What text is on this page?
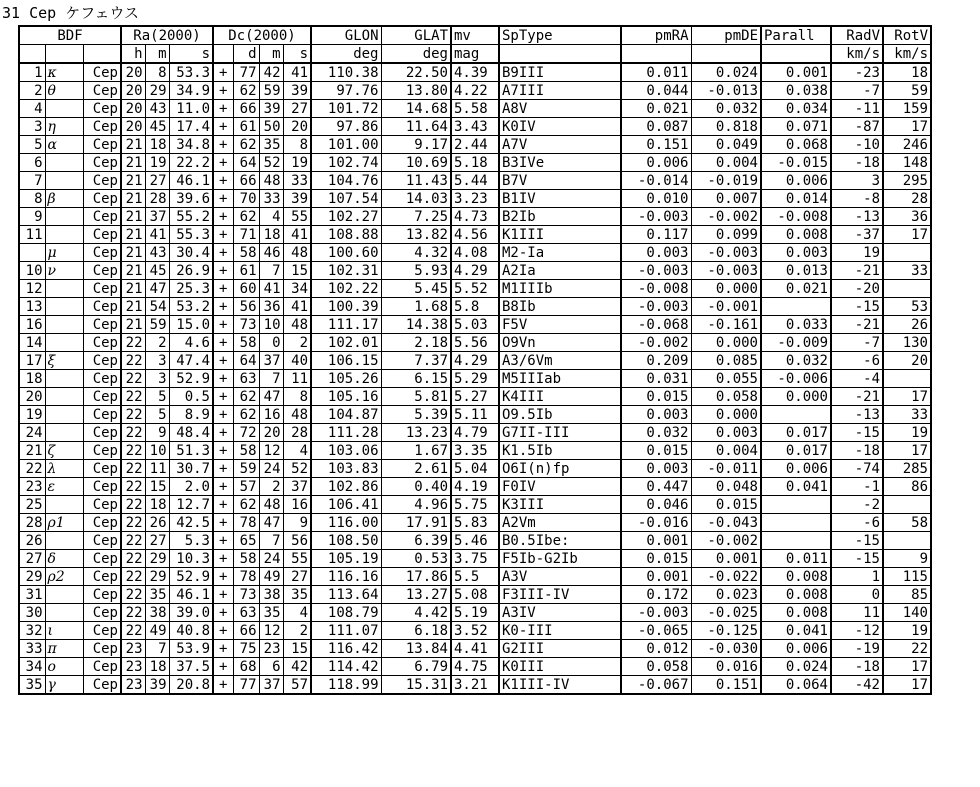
31 Cep ケフェウス
BDF			Ra(2000)			Dc(2000)				GLON	GLAT	mv	SpType	pmRA	pmDE	Parall	RadV	RotV
			h	m	s		d	m	s	deg	deg	mag					km/s	km/s
1	κ	Cep	20	8	53.3	+	77	42	41	110.38	22.50	4.39	B9III	0.011	0.024	0.001	-23	18
2	θ	Cep	20	29	34.9	+	62	59	39	97.76	13.80	4.22	A7III	0.044	-0.013	0.038	-7	59
4		Cep	20	43	11.0	+	66	39	27	101.72	14.68	5.58	A8V	0.021	0.032	0.034	-11	159
3	η	Cep	20	45	17.4	+	61	50	20	97.86	11.64	3.43	K0IV	0.087	0.818	0.071	-87	17
5	α	Cep	21	18	34.8	+	62	35	8	101.00	9.17	2.44	A7V	0.151	0.049	0.068	-10	246
6		Cep	21	19	22.2	+	64	52	19	102.74	10.69	5.18	B3IVe	0.006	0.004	-0.015	-18	148
7		Cep	21	27	46.1	+	66	48	33	104.76	11.43	5.44	B7V	-0.014	-0.019	0.006	3	295
8	β	Cep	21	28	39.6	+	70	33	39	107.54	14.03	3.23	B1IV	0.010	0.007	0.014	-8	28
9		Cep	21	37	55.2	+	62	4	55	102.27	7.25	4.73	B2Ib	-0.003	-0.002	-0.008	-13	36
11		Cep	21	41	55.3	+	71	18	41	108.88	13.82	4.56	K1III	0.117	0.099	0.008	-37	17
	μ	Cep	21	43	30.4	+	58	46	48	100.60	4.32	4.08	M2-Ia	0.003	-0.003	0.003	19	
10	ν	Cep	21	45	26.9	+	61	7	15	102.31	5.93	4.29	A2Ia	-0.003	-0.003	0.013	-21	33
12		Cep	21	47	25.3	+	60	41	34	102.22	5.45	5.52	M1IIIb	-0.008	0.000	0.021	-20	
13		Cep	21	54	53.2	+	56	36	41	100.39	1.68	5.8	B8Ib	-0.003	-0.001		-15	53
16		Cep	21	59	15.0	+	73	10	48	111.17	14.38	5.03	F5V	-0.068	-0.161	0.033	-21	26
14		Cep	22	2	4.6	+	58	0	2	102.01	2.18	5.56	O9Vn	-0.002	0.000	-0.009	-7	130
17	ξ	Cep	22	3	47.4	+	64	37	40	106.15	7.37	4.29	A3/6Vm	0.209	0.085	0.032	-6	20
18		Cep	22	3	52.9	+	63	7	11	105.26	6.15	5.29	M5IIIab	0.031	0.055	-0.006	-4	
20		Cep	22	5	0.5	+	62	47	8	105.16	5.81	5.27	K4III	0.015	0.058	0.000	-21	17
19		Cep	22	5	8.9	+	62	16	48	104.87	5.39	5.11	O9.5Ib	0.003	0.000		-13	33
24		Cep	22	9	48.4	+	72	20	28	111.28	13.23	4.79	G7II-III	0.032	0.003	0.017	-15	19
21	ζ	Cep	22	10	51.3	+	58	12	4	103.06	1.67	3.35	K1.5Ib	0.015	0.004	0.017	-18	17
22	λ	Cep	22	11	30.7	+	59	24	52	103.83	2.61	5.04	O6I(n)fp	0.003	-0.011	0.006	-74	285
23	ε	Cep	22	15	2.0	+	57	2	37	102.86	0.40	4.19	F0IV	0.447	0.048	0.041	-1	86
25		Cep	22	18	12.7	+	62	48	16	106.41	4.96	5.75	K3III	0.046	0.015		-2	
28	ρ1	Cep	22	26	42.5	+	78	47	9	116.00	17.91	5.83	A2Vm	-0.016	-0.043		-6	58
26		Cep	22	27	5.3	+	65	7	56	108.50	6.39	5.46	B0.5Ibe:	0.001	-0.002		-15	
27	δ	Cep	22	29	10.3	+	58	24	55	105.19	0.53	3.75	F5Ib-G2Ib	0.015	0.001	0.011	-15	9
29	ρ2	Cep	22	29	52.9	+	78	49	27	116.16	17.86	5.5	A3V	0.001	-0.022	0.008	1	115
31		Cep	22	35	46.1	+	73	38	35	113.64	13.27	5.08	F3III-IV	0.172	0.023	0.008	0	85
30		Cep	22	38	39.0	+	63	35	4	108.79	4.42	5.19	A3IV	-0.003	-0.025	0.008	11	140
32	ι	Cep	22	49	40.8	+	66	12	2	111.07	6.18	3.52	K0-III	-0.065	-0.125	0.041	-12	19
33	π	Cep	23	7	53.9	+	75	23	15	116.42	13.84	4.41	G2III	0.012	-0.030	0.006	-19	22
34	ο	Cep	23	18	37.5	+	68	6	42	114.42	6.79	4.75	K0III	0.058	0.016	0.024	-18	17
35	γ	Cep	23	39	20.8	+	77	37	57	118.99	15.31	3.21	K1III-IV	-0.067	0.151	0.064	-42	17
